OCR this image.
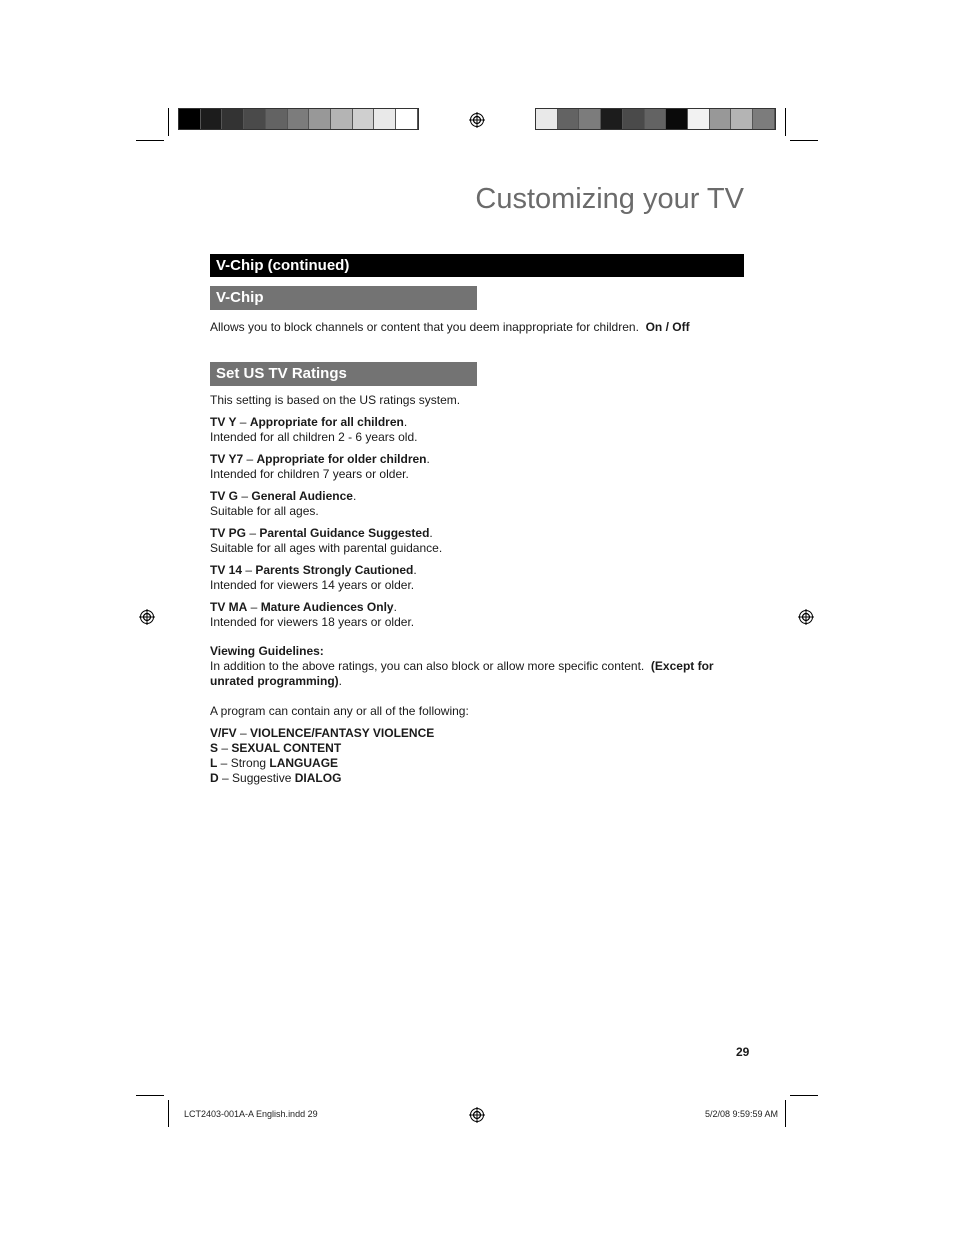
Customizing your TV
V-Chip (continued)
V-Chip
Allows you to block channels or content that you deem inappropriate for children. On / Off
Set US TV Ratings
This setting is based on the US ratings system.
TV Y – Appropriate for all children.
Intended for all children 2 - 6 years old.
TV Y7 – Appropriate for older children.
Intended for children 7 years or older.
TV G – General Audience.
Suitable for all ages.
TV PG – Parental Guidance Suggested.
Suitable for all ages with parental guidance.
TV 14 – Parents Strongly Cautioned.
Intended for viewers 14 years or older.
TV MA – Mature Audiences Only.
Intended for viewers 18 years or older.
Viewing Guidelines:
In addition to the above ratings, you can also block or allow more specific content. (Except for
unrated programming).
A program can contain any or all of the following:
V/FV – VIOLENCE/FANTASY VIOLENCE
S – SEXUAL CONTENT
L – Strong LANGUAGE
D – Suggestive DIALOG
29
LCT2403-001A-A English.indd 29	5/2/08 9:59:59 AM
